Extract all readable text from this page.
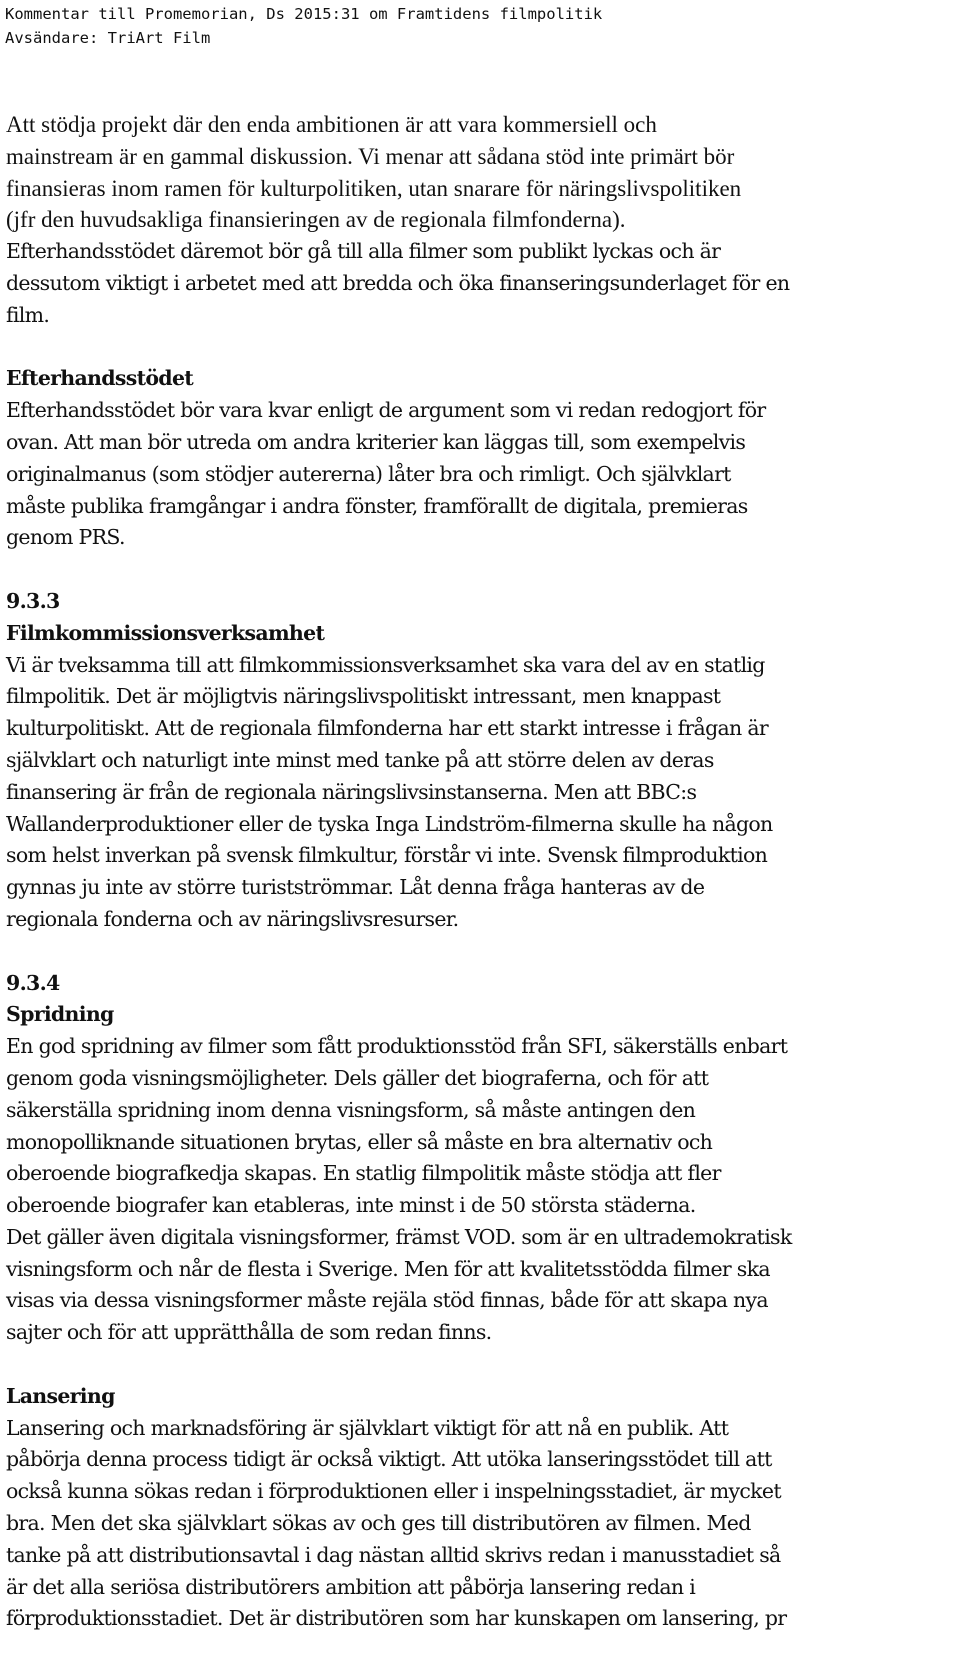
Kommentar till Promemorian, Ds 2015:31 om Framtidens filmpolitik
Avsändare: TriArt Film
Att stödja projekt där den enda ambitionen är att vara kommersiell och
mainstream är en gammal diskussion. Vi menar att sådana stöd inte primärt bör
finansieras inom ramen för kulturpolitiken, utan snarare för näringslivspolitiken
(jfr den huvudsakliga finansieringen av de regionala filmfonderna).
Efterhandsstödet däremot bör gå till alla filmer som publikt lyckas och är
dessutom viktigt i arbetet med att bredda och öka finanseringsunderlaget för en
film.
Efterhandsstödet
Efterhandsstödet bör vara kvar enligt de argument som vi redan redogjort för
ovan. Att man bör utreda om andra kriterier kan läggas till, som exempelvis
originalmanus (som stödjer autererna) låter bra och rimligt. Och självklart
måste publika framgångar i andra fönster, framförallt de digitala, premieras
genom PRS.
9.3.3
Filmkommissionsverksamhet
Vi är tveksamma till att filmkommissionsverksamhet ska vara del av en statlig
filmpolitik. Det är möjligtvis näringslivspolitiskt intressant, men knappast
kulturpolitiskt. Att de regionala filmfonderna har ett starkt intresse i frågan är
självklart och naturligt inte minst med tanke på att större delen av deras
finansering är från de regionala näringslivsinstanserna. Men att BBC:s
Wallanderproduktioner eller de tyska Inga Lindström-filmerna skulle ha någon
som helst inverkan på svensk filmkultur, förstår vi inte. Svensk filmproduktion
gynnas ju inte av större turistströmmar. Låt denna fråga hanteras av de
regionala fonderna och av näringslivsresurser.
9.3.4
Spridning
En god spridning av filmer som fått produktionsstöd från SFI, säkerställs enbart
genom goda visningsmöjligheter. Dels gäller det biograferna, och för att
säkerställa spridning inom denna visningsform, så måste antingen den
monopolliknande situationen brytas, eller så måste en bra alternativ och
oberoende biografkedja skapas. En statlig filmpolitik måste stödja att fler
oberoende biografer kan etableras, inte minst i de 50 största städerna.
Det gäller även digitala visningsformer, främst VOD. som är en ultrademokratisk
visningsform och når de flesta i Sverige. Men för att kvalitetsstödda filmer ska
visas via dessa visningsformer måste rejäla stöd finnas, både för att skapa nya
sajter och för att upprätthålla de som redan finns.
Lansering
Lansering och marknadsföring är självklart viktigt för att nå en publik. Att
påbörja denna process tidigt är också viktigt. Att utöka lanseringsstödet till att
också kunna sökas redan i förproduktionen eller i inspelningsstadiet, är mycket
bra. Men det ska självklart sökas av och ges till distributören av filmen. Med
tanke på att distributionsavtal i dag nästan alltid skrivs redan i manusstadiet så
är det alla seriösa distributörers ambition att påbörja lansering redan i
förproduktionsstadiet. Det är distributören som har kunskapen om lansering, pr
